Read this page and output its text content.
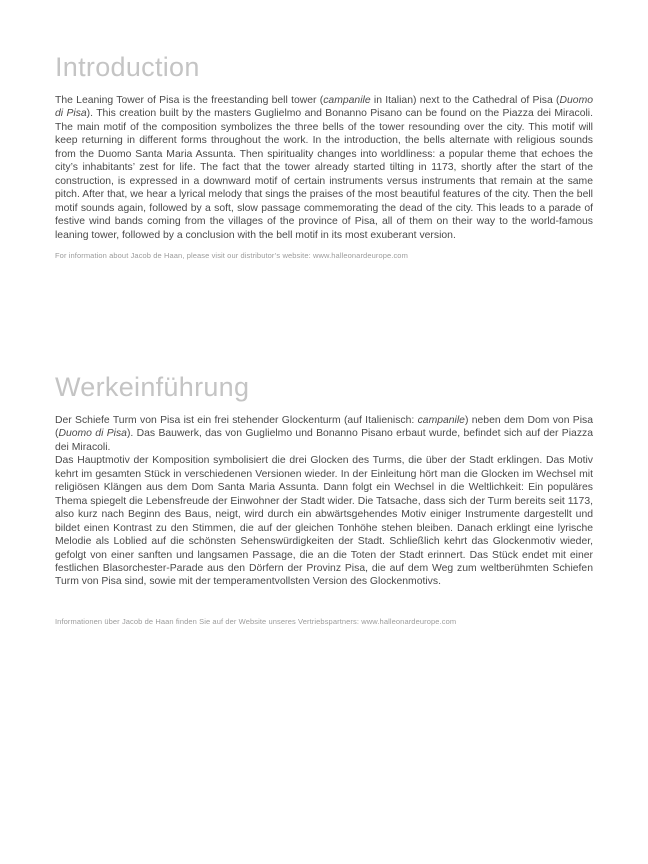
Introduction

The Leaning Tower of Pisa is the freestanding bell tower (campanile in Italian) next to the Cathedral of Pisa (Duomo di Pisa). This creation built by the masters Guglielmo and Bonanno Pisano can be found on the Piazza dei Miracoli. The main motif of the composition symbolizes the three bells of the tower resounding over the city. This motif will keep returning in different forms throughout the work. In the introduction, the bells alternate with religious sounds from the Duomo Santa Maria Assunta. Then spirituality changes into worldliness: a popular theme that echoes the city’s inhabitants’ zest for life. The fact that the tower already started tilting in 1173, shortly after the start of the construction, is expressed in a downward motif of certain instruments versus instruments that remain at the same pitch. After that, we hear a lyrical melody that sings the praises of the most beautiful features of the city. Then the bell motif sounds again, followed by a soft, slow passage commemorating the dead of the city. This leads to a parade of festive wind bands coming from the villages of the province of Pisa, all of them on their way to the world-famous leaning tower, followed by a conclusion with the bell motif in its most exuberant version.

For information about Jacob de Haan, please visit our distributor’s website: www.halleonardeurope.com

Werkeinführung

Der Schiefe Turm von Pisa ist ein frei stehender Glockenturm (auf Italienisch: campanile) neben dem Dom von Pisa (Duomo di Pisa). Das Bauwerk, das von Guglielmo und Bonanno Pisano erbaut wurde, befindet sich auf der Piazza dei Miracoli.

Das Hauptmotiv der Komposition symbolisiert die drei Glocken des Turms, die über der Stadt erklingen. Das Motiv kehrt im gesamten Stück in verschiedenen Versionen wieder. In der Einleitung hört man die Glocken im Wechsel mit religiösen Klängen aus dem Dom Santa Maria Assunta. Dann folgt ein Wechsel in die Weltlichkeit: Ein populäres Thema spiegelt die Lebensfreude der Einwohner der Stadt wider. Die Tatsache, dass sich der Turm bereits seit 1173, also kurz nach Beginn des Baus, neigt, wird durch ein abwärtsgehendes Motiv einiger Instrumente dargestellt und bildet einen Kontrast zu den Stimmen, die auf der gleichen Tonhöhe stehen bleiben. Danach erklingt eine lyrische Melodie als Loblied auf die schönsten Sehenswürdigkeiten der Stadt. Schließlich kehrt das Glockenmotiv wieder, gefolgt von einer sanften und langsamen Passage, die an die Toten der Stadt erinnert. Das Stück endet mit einer festlichen Blasorchester-Parade aus den Dörfern der Provinz Pisa, die auf dem Weg zum weltberühmten Schiefen Turm von Pisa sind, sowie mit der temperamentvollsten Version des Glockenmotivs.

Informationen über Jacob de Haan finden Sie auf der Website unseres Vertriebspartners: www.halleonardeurope.com
